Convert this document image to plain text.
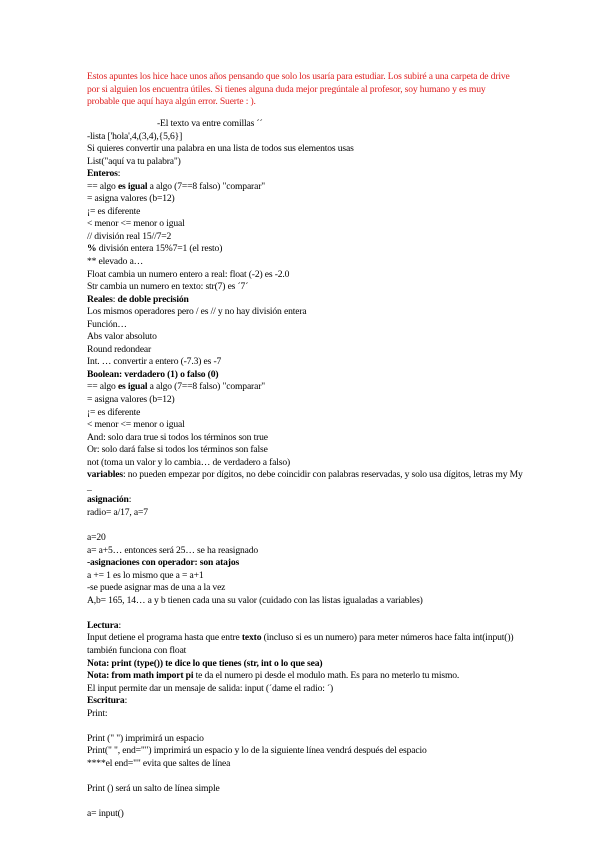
Estos apuntes los hice hace unos años pensando que solo los usaría para estudiar. Los subiré a una carpeta de drive por si alguien los encuentra útiles. Si tienes alguna duda mejor pregúntale al profesor, soy humano y es muy probable que aquí haya algún error. Suerte : ).
-El texto va entre comillas ´´
-lista ['hola',4,(3,4),{5,6}]
Si quieres convertir una palabra en una lista de todos sus elementos usas
List("aquí va tu palabra")
Enteros:
== algo es igual a algo (7==8 falso) "comparar"
= asigna valores (b=12)
¡= es diferente
< menor <= menor o igual
// división real 15//7=2
% división entera 15%7=1 (el resto)
** elevado a…
Float cambia un numero entero a real: float (-2) es -2.0
Str cambia un numero en texto: str(7) es ´7´
Reales: de doble precisión
Los mismos operadores pero / es // y no hay división entera
Función…
Abs valor absoluto
Round redondear
Int. … convertir a entero (-7.3) es -7
Boolean: verdadero (1) o falso (0)
== algo es igual a algo (7==8 falso) "comparar"
= asigna valores (b=12)
¡= es diferente
< menor <= menor o igual
And: solo dara true si todos los términos son true
Or: solo dará false si todos los términos son false
not (toma un valor y lo cambia… de verdadero a falso)
variables: no pueden empezar por dígitos, no debe coincidir con palabras reservadas, y solo usa dígitos, letras my My _
asignación:
radio= a/17, a=7
a=20
a= a+5… entonces será 25… se ha reasignado
-asignaciones con operador: son atajos
a += 1 es lo mismo que a = a+1
-se puede asignar mas de una a la vez
A,b= 165, 14… a y b tienen cada una su valor (cuidado con las listas igualadas a variables)
Lectura:
Input detiene el programa hasta que entre texto (incluso si es un numero) para meter números hace falta int(input()) también funciona con float
Nota: print (type()) te dice lo que tienes (str, int o lo que sea)
Nota: from math import pi te da el numero pi desde el modulo math. Es para no meterlo tu mismo.
El input permite dar un mensaje de salida: input (´dame el radio: ´)
Escritura:
Print:
Print (" ") imprimirá un espacio
Print(" ", end="") imprimirá un espacio y lo de la siguiente línea vendrá después del espacio
****el end="" evita que saltes de línea
Print () será un salto de línea simple
a= input()
